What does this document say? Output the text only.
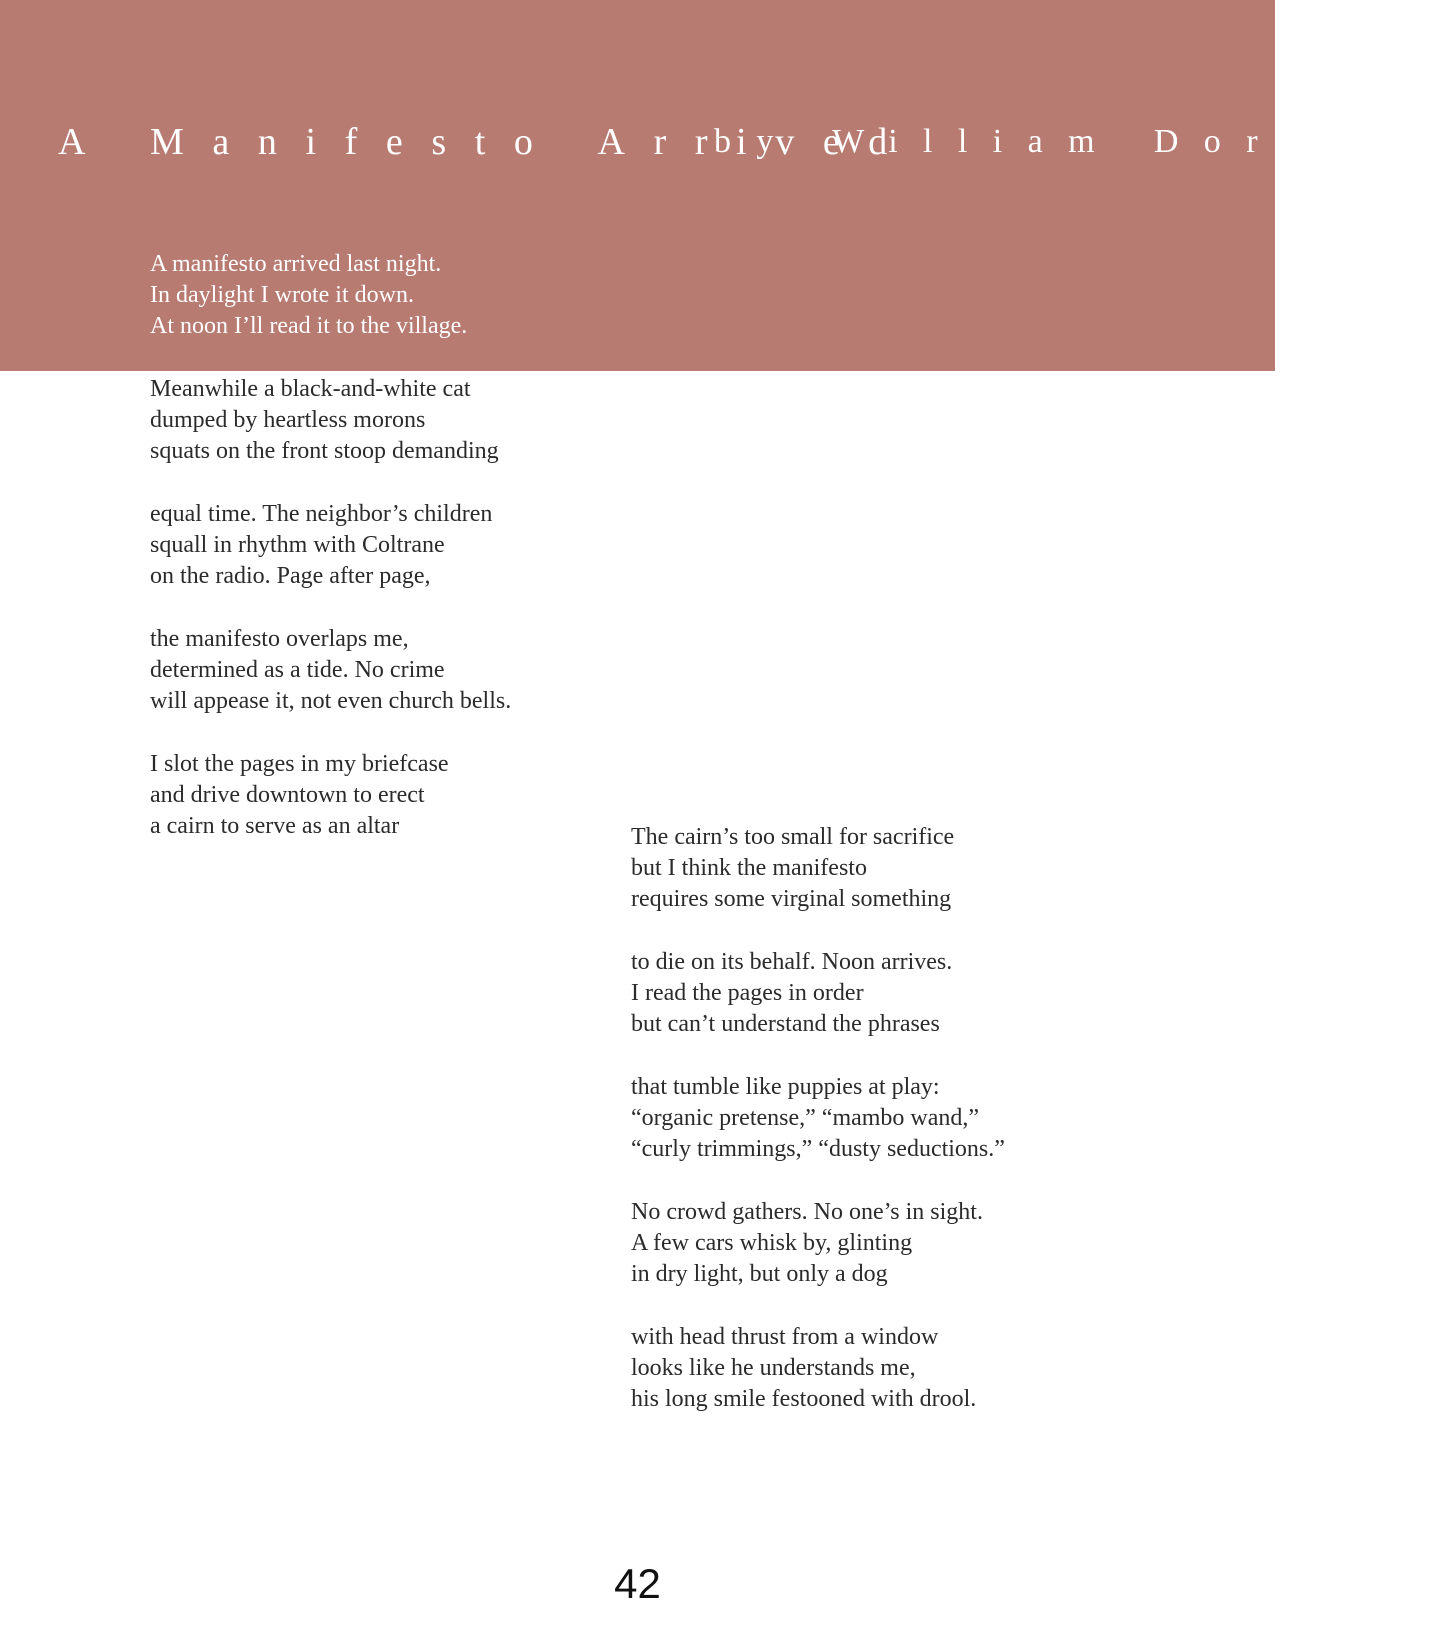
A Manifesto Arrived
by William Doreski
A manifesto arrived last night.
In daylight I wrote it down.
At noon I’ll read it to the village.
Meanwhile a black-and-white cat
dumped by heartless morons
squats on the front stoop demanding
equal time. The neighbor’s children
squall in rhythm with Coltrane
on the radio. Page after page,
the manifesto overlaps me,
determined as a tide. No crime
will appease it, not even church bells.
I slot the pages in my briefcase
and drive downtown to erect
a cairn to serve as an altar	The cairn’s too small for sacrifice
but I think the manifesto
requires some virginal something
to die on its behalf. Noon arrives.
I read the pages in order
but can’t understand the phrases
that tumble like puppies at play:
“organic pretense,” “mambo wand,”
“curly trimmings,” “dusty seductions.”
No crowd gathers. No one’s in sight.
A few cars whisk by, glinting
in dry light, but only a dog
with head thrust from a window
looks like he understands me,
his long smile festooned with drool.
42
